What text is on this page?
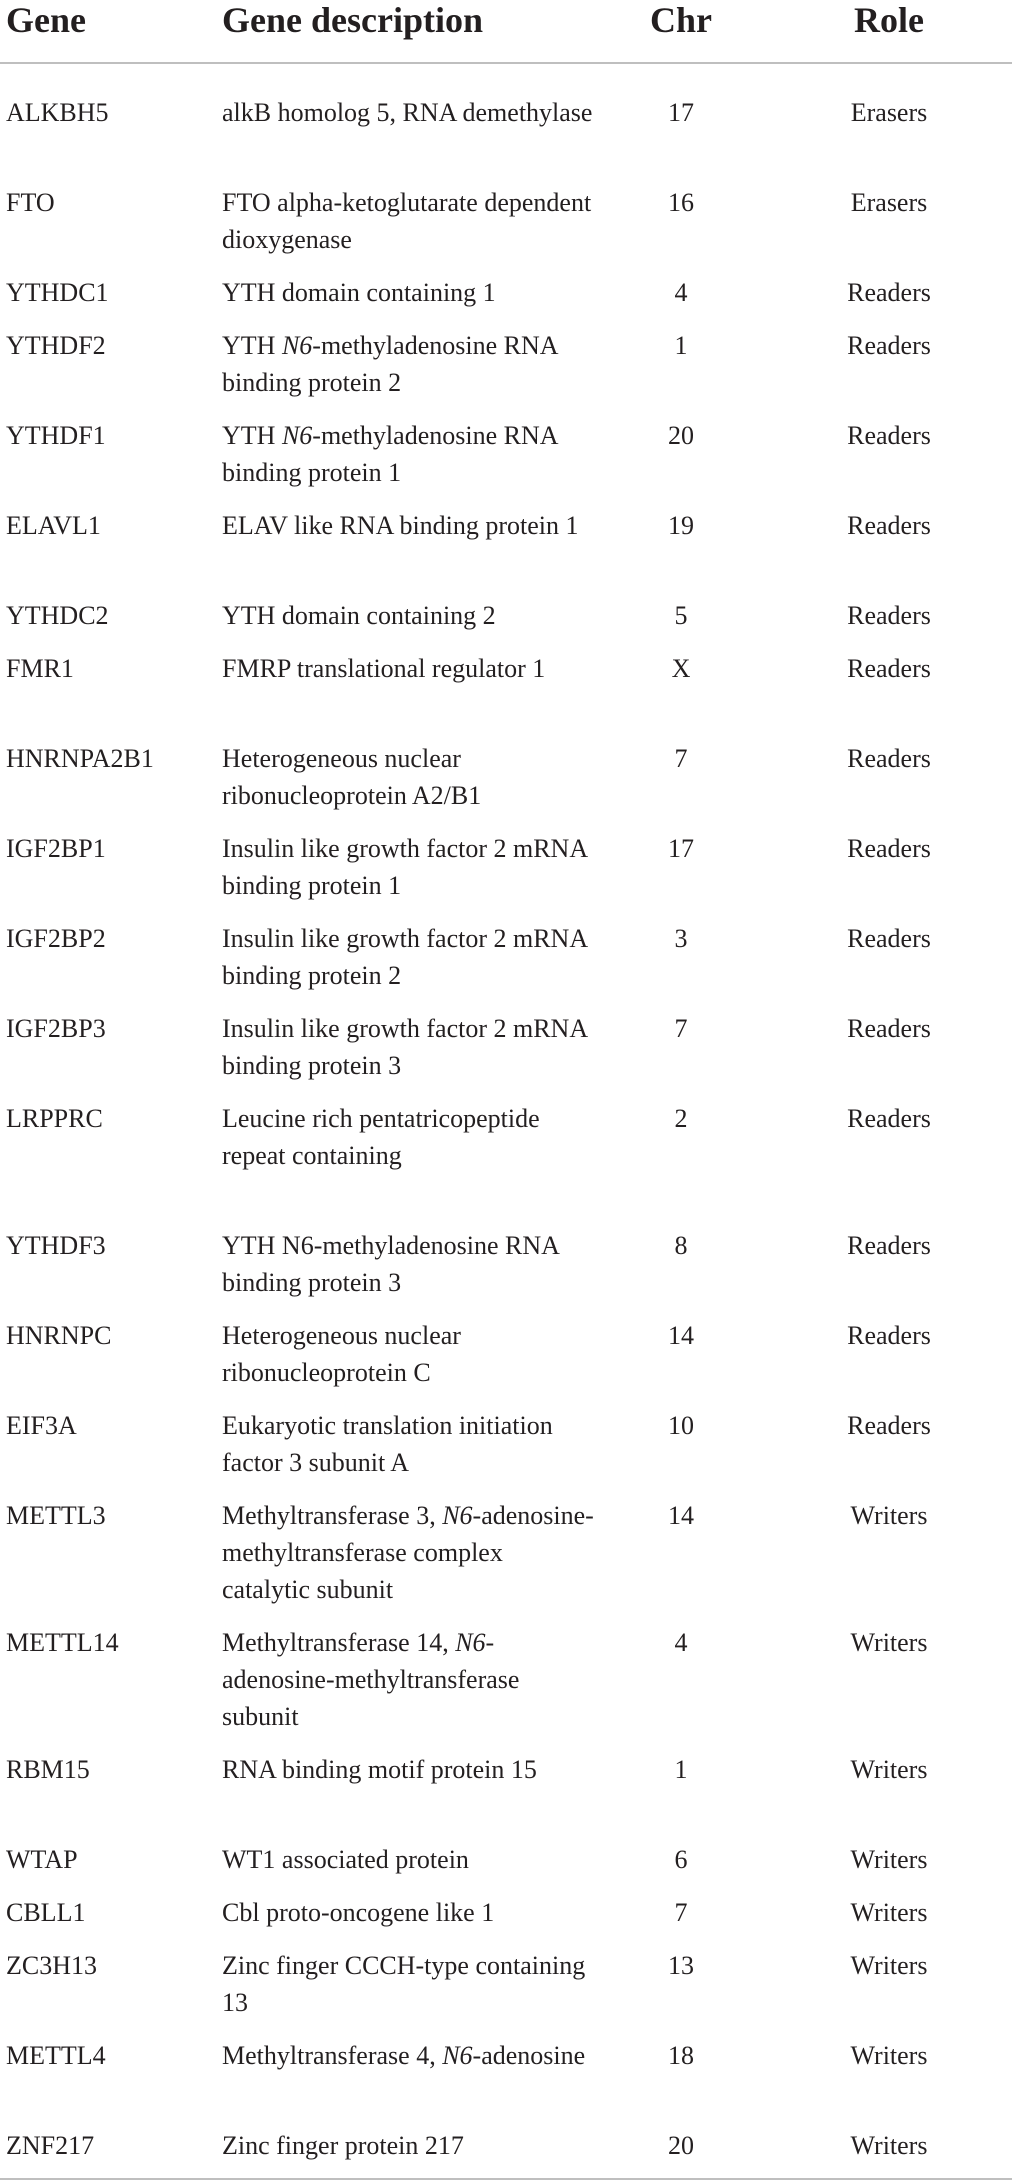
Gene	Gene description	Chr	Role
ALKBH5	alkB homolog 5, RNA demethylase	17	Erasers
FTO	FTO alpha-ketoglutarate dependent dioxygenase	16	Erasers
YTHDC1	YTH domain containing 1	4	Readers
YTHDF2	YTH N6-methyladenosine RNA binding protein 2	1	Readers
YTHDF1	YTH N6-methyladenosine RNA binding protein 1	20	Readers
ELAVL1	ELAV like RNA binding protein 1	19	Readers
YTHDC2	YTH domain containing 2	5	Readers
FMR1	FMRP translational regulator 1	X	Readers
HNRNPA2B1	Heterogeneous nuclear ribonucleoprotein A2/B1	7	Readers
IGF2BP1	Insulin like growth factor 2 mRNA binding protein 1	17	Readers
IGF2BP2	Insulin like growth factor 2 mRNA binding protein 2	3	Readers
IGF2BP3	Insulin like growth factor 2 mRNA binding protein 3	7	Readers
LRPPRC	Leucine rich pentatricopeptide repeat containing	2	Readers
YTHDF3	YTH N6-methyladenosine RNA binding protein 3	8	Readers
HNRNPC	Heterogeneous nuclear ribonucleoprotein C	14	Readers
EIF3A	Eukaryotic translation initiation factor 3 subunit A	10	Readers
METTL3	Methyltransferase 3, N6-adenosine-methyltransferase complex catalytic subunit	14	Writers
METTL14	Methyltransferase 14, N6-adenosine-methyltransferase subunit	4	Writers
RBM15	RNA binding motif protein 15	1	Writers
WTAP	WT1 associated protein	6	Writers
CBLL1	Cbl proto-oncogene like 1	7	Writers
ZC3H13	Zinc finger CCCH-type containing 13	13	Writers
METTL4	Methyltransferase 4, N6-adenosine	18	Writers
ZNF217	Zinc finger protein 217	20	Writers
